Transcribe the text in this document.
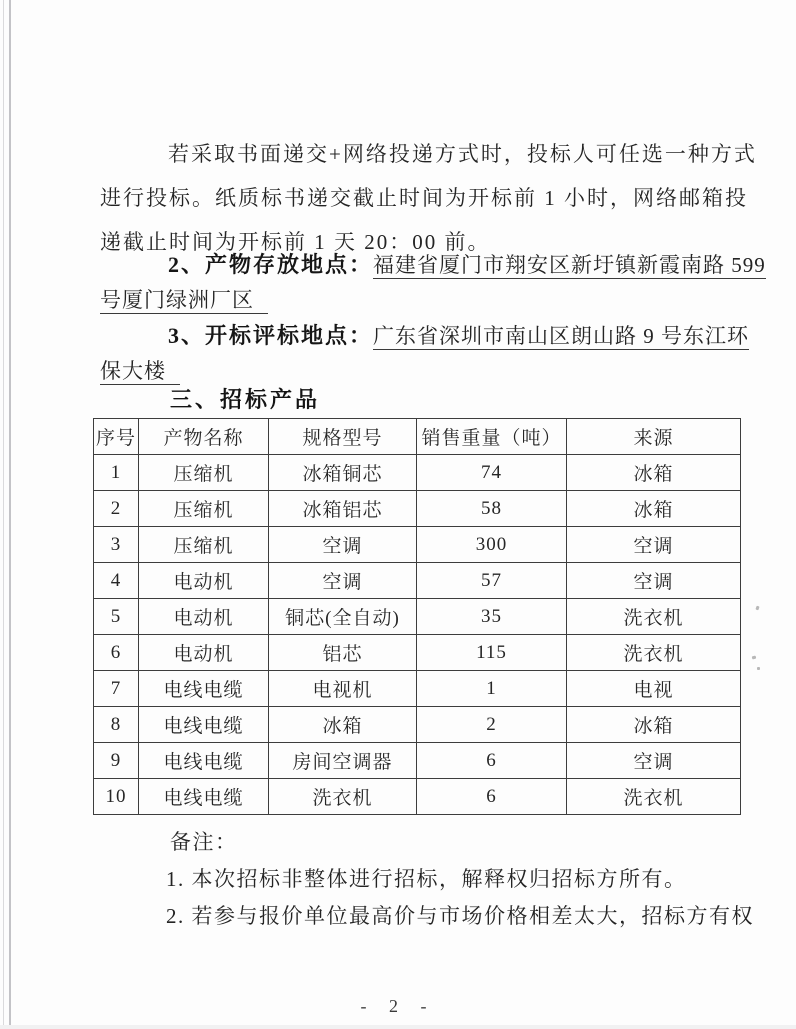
若采取书面递交+网络投递方式时，投标人可任选一种方式
进行投标。纸质标书递交截止时间为开标前 1 小时，网络邮箱投
递截止时间为开标前 1 天 20：00 前。
2、产物存放地点：福建省厦门市翔安区新圩镇新霞南路 599
号厦门绿洲厂区
3、开标评标地点：广东省深圳市南山区朗山路 9 号东江环
保大楼
三、招标产品
序号	产物名称	规格型号	销售重量（吨）	来源
1	压缩机	冰箱铜芯	74	冰箱
2	压缩机	冰箱铝芯	58	冰箱
3	压缩机	空调	300	空调
4	电动机	空调	57	空调
5	电动机	铜芯(全自动)	35	洗衣机
6	电动机	铝芯	115	洗衣机
7	电线电缆	电视机	1	电视
8	电线电缆	冰箱	2	冰箱
9	电线电缆	房间空调器	6	空调
10	电线电缆	洗衣机	6	洗衣机
备注：
1. 本次招标非整体进行招标，解释权归招标方所有。
2. 若参与报价单位最高价与市场价格相差太大，招标方有权
- 2 -
